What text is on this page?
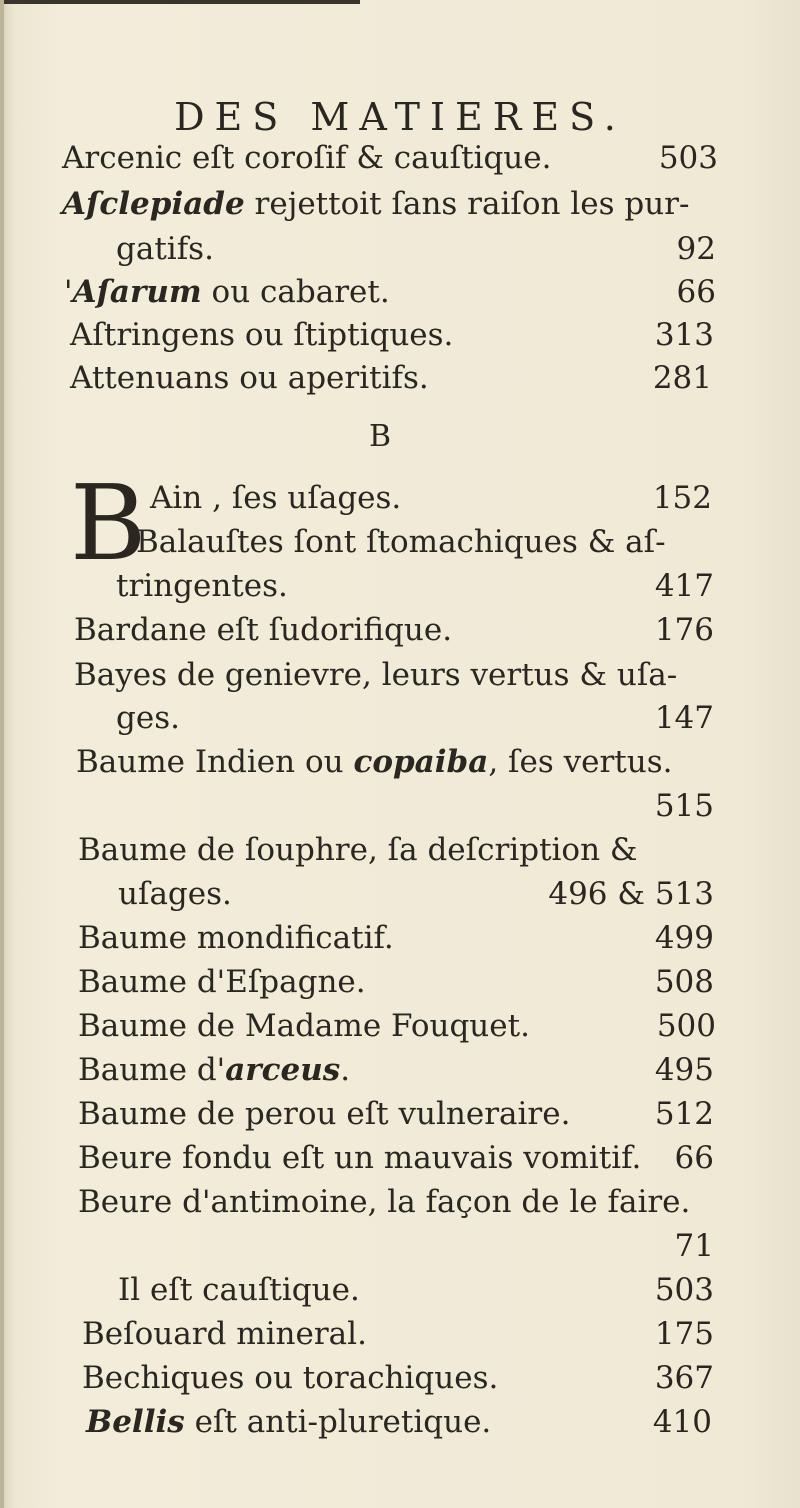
DES MATIERES.
Arcenic eſt coroſif & cauſtique.	503
Aſclepiade rejettoit ſans raiſon les pur-
gatifs.	92
'Aſarum ou cabaret.	66
Aſtringens ou ſtiptiques.	313
Attenuans ou aperitifs.	281
B
B Ain , ſes uſages.	152
Balauſtes ſont ſtomachiques & aſ-
tringentes.	417
Bardane eſt ſudorifique.	176
Bayes de genievre, leurs vertus & uſa-
ges.	147
Baume Indien ou copaiba, ſes vertus.
515
Baume de ſouphre, ſa deſcription &
uſages.	496 & 513
Baume mondificatif.	499
Baume d'Eſpagne.	508
Baume de Madame Fouquet.	500
Baume d'arceus.	495
Baume de perou eſt vulneraire.	512
Beure fondu eſt un mauvais vomitif. 66
Beure d'antimoine, la façon de le faire.
71
Il eſt cauſtique.	503
Beſouard mineral.	175
Bechiques ou torachiques.	367
Bellis eſt anti-pluretique.	410
